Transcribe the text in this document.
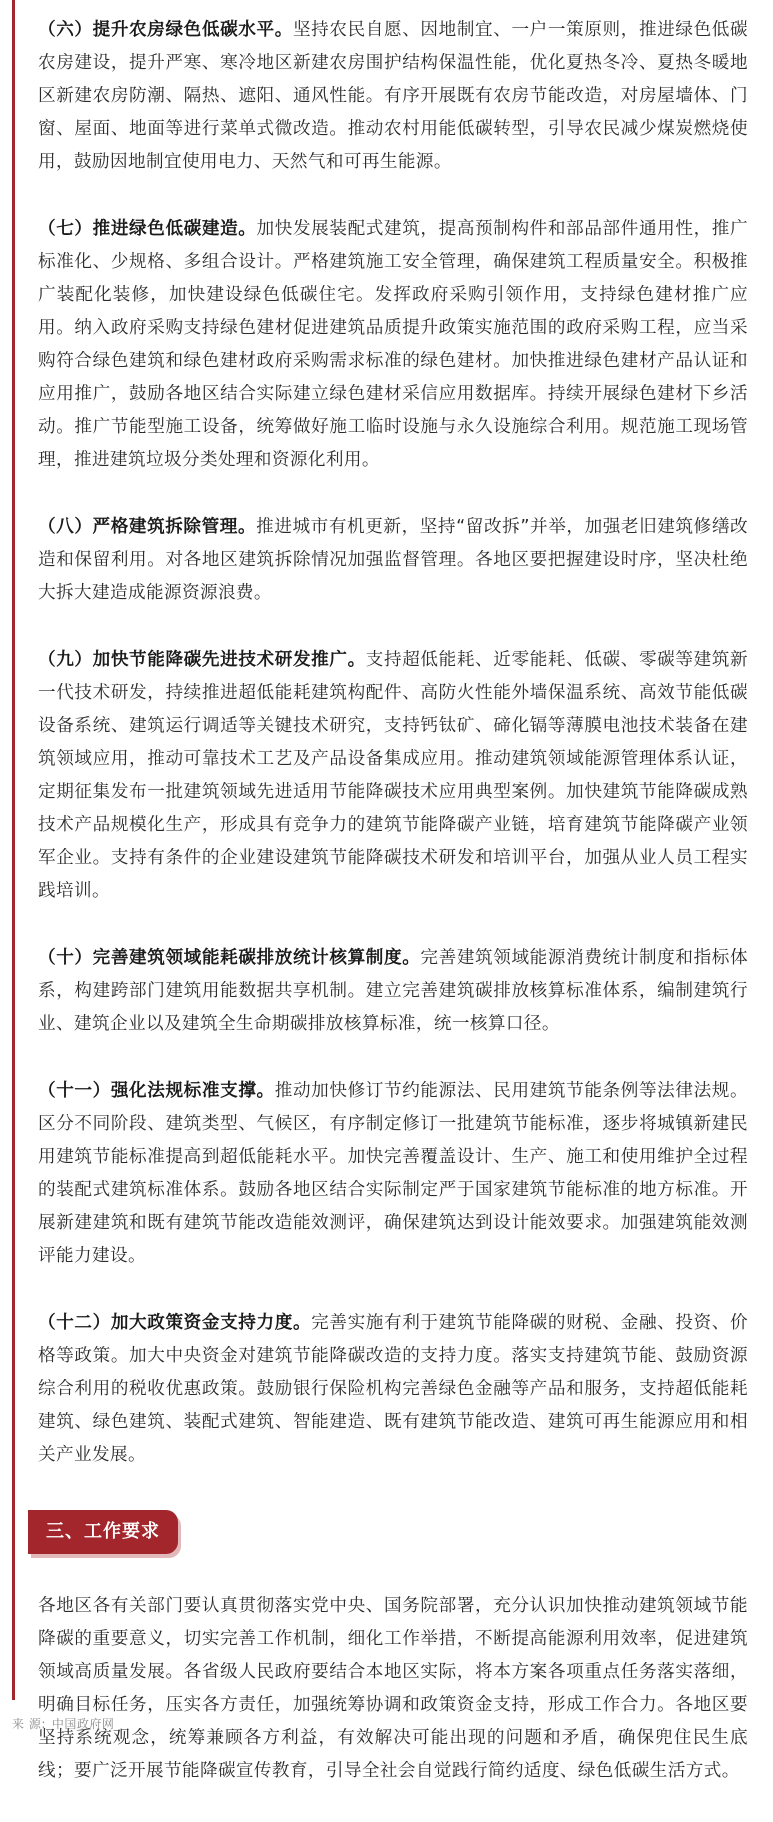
（六）提升农房绿色低碳水平。坚持农民自愿、因地制宜、一户一策原则，推进绿色低碳农房建设，提升严寒、寒冷地区新建农房围护结构保温性能，优化夏热冬冷、夏热冬暖地区新建农房防潮、隔热、遮阳、通风性能。有序开展既有农房节能改造，对房屋墙体、门窗、屋面、地面等进行菜单式微改造。推动农村用能低碳转型，引导农民减少煤炭燃烧使用，鼓励因地制宜使用电力、天然气和可再生能源。

（七）推进绿色低碳建造。加快发展装配式建筑，提高预制构件和部品部件通用性，推广标准化、少规格、多组合设计。严格建筑施工安全管理，确保建筑工程质量安全。积极推广装配化装修，加快建设绿色低碳住宅。发挥政府采购引领作用，支持绿色建材推广应用。纳入政府采购支持绿色建材促进建筑品质提升政策实施范围的政府采购工程，应当采购符合绿色建筑和绿色建材政府采购需求标准的绿色建材。加快推进绿色建材产品认证和应用推广，鼓励各地区结合实际建立绿色建材采信应用数据库。持续开展绿色建材下乡活动。推广节能型施工设备，统筹做好施工临时设施与永久设施综合利用。规范施工现场管理，推进建筑垃圾分类处理和资源化利用。

（八）严格建筑拆除管理。推进城市有机更新，坚持“留改拆”并举，加强老旧建筑修缮改造和保留利用。对各地区建筑拆除情况加强监督管理。各地区要把握建设时序，坚决杜绝大拆大建造成能源资源浪费。

（九）加快节能降碳先进技术研发推广。支持超低能耗、近零能耗、低碳、零碳等建筑新一代技术研发，持续推进超低能耗建筑构配件、高防火性能外墙保温系统、高效节能低碳设备系统、建筑运行调适等关键技术研究，支持钙钛矿、碲化镉等薄膜电池技术装备在建筑领域应用，推动可靠技术工艺及产品设备集成应用。推动建筑领域能源管理体系认证，定期征集发布一批建筑领域先进适用节能降碳技术应用典型案例。加快建筑节能降碳成熟技术产品规模化生产，形成具有竞争力的建筑节能降碳产业链，培育建筑节能降碳产业领军企业。支持有条件的企业建设建筑节能降碳技术研发和培训平台，加强从业人员工程实践培训。

（十）完善建筑领域能耗碳排放统计核算制度。完善建筑领域能源消费统计制度和指标体系，构建跨部门建筑用能数据共享机制。建立完善建筑碳排放核算标准体系，编制建筑行业、建筑企业以及建筑全生命期碳排放核算标准，统一核算口径。

（十一）强化法规标准支撑。推动加快修订节约能源法、民用建筑节能条例等法律法规。区分不同阶段、建筑类型、气候区，有序制定修订一批建筑节能标准，逐步将城镇新建民用建筑节能标准提高到超低能耗水平。加快完善覆盖设计、生产、施工和使用维护全过程的装配式建筑标准体系。鼓励各地区结合实际制定严于国家建筑节能标准的地方标准。开展新建建筑和既有建筑节能改造能效测评，确保建筑达到设计能效要求。加强建筑能效测评能力建设。

（十二）加大政策资金支持力度。完善实施有利于建筑节能降碳的财税、金融、投资、价格等政策。加大中央资金对建筑节能降碳改造的支持力度。落实支持建筑节能、鼓励资源综合利用的税收优惠政策。鼓励银行保险机构完善绿色金融等产品和服务，支持超低能耗建筑、绿色建筑、装配式建筑、智能建造、既有建筑节能改造、建筑可再生能源应用和相关产业发展。

三、工作要求

各地区各有关部门要认真贯彻落实党中央、国务院部署，充分认识加快推动建筑领域节能降碳的重要意义，切实完善工作机制，细化工作举措，不断提高能源利用效率，促进建筑领域高质量发展。各省级人民政府要结合本地区实际，将本方案各项重点任务落实落细，明确目标任务，压实各方责任，加强统筹协调和政策资金支持，形成工作合力。各地区要坚持系统观念，统筹兼顾各方利益，有效解决可能出现的问题和矛盾，确保兜住民生底线；要广泛开展节能降碳宣传教育，引导全社会自觉践行简约适度、绿色低碳生活方式。

来 源: 中国政府网
